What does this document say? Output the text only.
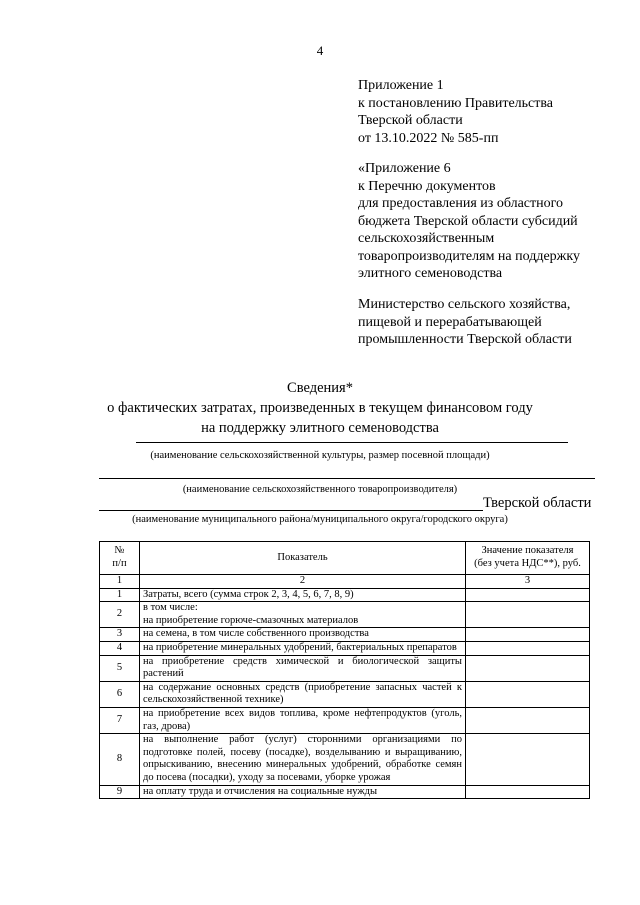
4
Приложение 1
к постановлению Правительства
Тверской области
от 13.10.2022 № 585-пп
«Приложение 6
к Перечню документов
для предоставления из областного
бюджета Тверской области субсидий
сельскохозяйственным
товаропроизводителям на поддержку
элитного семеноводства
Министерство сельского хозяйства,
пищевой и перерабатывающей
промышленности Тверской области
Сведения*
о фактических затратах, произведенных в текущем финансовом году
на поддержку элитного семеноводства
(наименование сельскохозяйственной культуры, размер посевной площади)
(наименование сельскохозяйственного товаропроизводителя)
Тверской области
(наименование муниципального района/муниципального округа/городского округа)
№
п/п	Показатель	Значение показателя
(без учета НДС**), руб.
1	2	3
1	Затраты, всего (сумма строк 2, 3, 4, 5, 6, 7, 8, 9)	
2	в том числе:
на приобретение горюче-смазочных материалов	
3	на семена, в том числе собственного производства	
4	на приобретение минеральных удобрений, бактериальных препаратов	
5	на приобретение средств химической и биологической защиты растений	
6	на содержание основных средств (приобретение запасных частей к сельскохозяйственной технике)	
7	на приобретение всех видов топлива, кроме нефтепродуктов (уголь, газ, дрова)	
8	на выполнение работ (услуг) сторонними организациями по подготовке полей, посеву (посадке), возделыванию и выращиванию, опрыскиванию, внесению минеральных удобрений, обработке семян до посева (посадки), уходу за посевами, уборке урожая	
9	на оплату труда и отчисления на социальные нужды	
